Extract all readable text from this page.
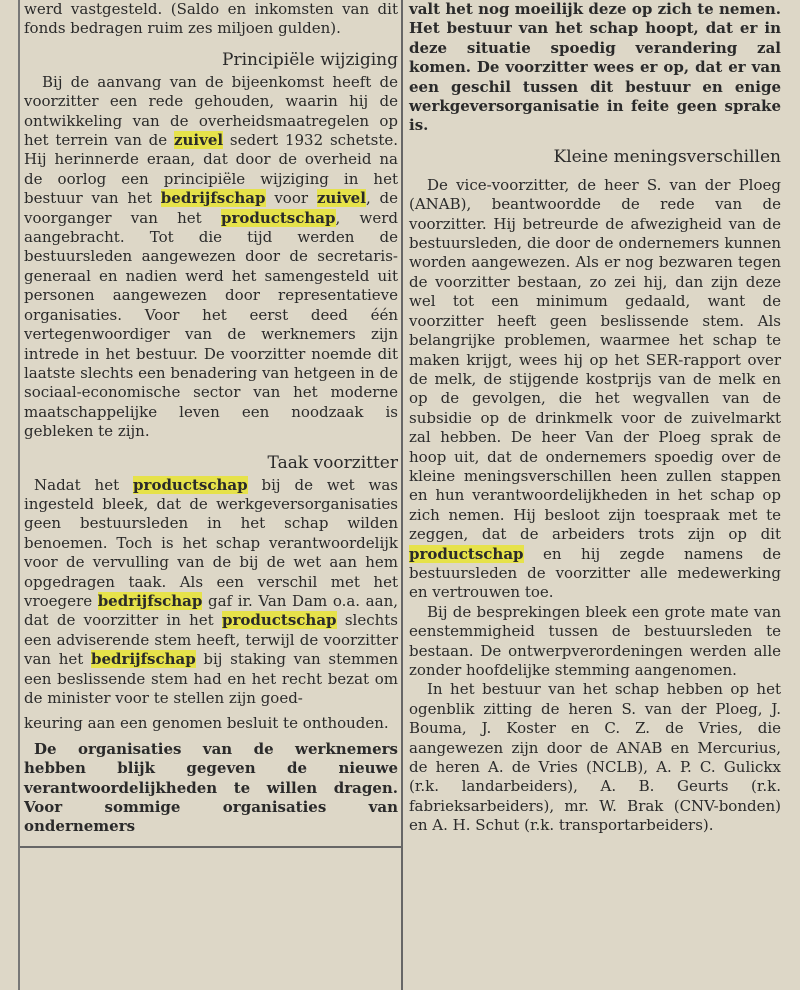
werd vastgesteld. (Saldo en inkomsten van dit fonds bedragen ruim zes miljoen gulden).

Principiële wijziging

Bij de aanvang van de bijeenkomst heeft de voorzitter een rede gehouden, waarin hij de ontwikkeling van de overheidsmaatregelen op het terrein van de zuivel sedert 1932 schetste. Hij herinnerde eraan, dat door de overheid na de oorlog een principiële wijziging in het bestuur van het bedrijfschap voor zuivel, de voorganger van het productschap, werd aangebracht. Tot die tijd werden de bestuursleden aangewezen door de secretaris-generaal en nadien werd het samengesteld uit personen aangewezen door representatieve organisaties. Voor het eerst deed één vertegenwoordiger van de werknemers zijn intrede in het bestuur. De voorzitter noemde dit laatste slechts een benadering van hetgeen in de sociaal-economische sector van het moderne maatschappelijke leven een noodzaak is gebleken te zijn.

Taak voorzitter

Nadat het productschap bij de wet was ingesteld bleek, dat de werkgeversorganisaties geen bestuursleden in het schap wilden benoemen. Toch is het schap verantwoordelijk voor de vervulling van de bij de wet aan hem opgedragen taak. Als een verschil met het vroegere bedrijfschap gaf ir. Van Dam o.a. aan, dat de voorzitter in het productschap slechts een adviserende stem heeft, terwijl de voorzitter van het bedrijfschap bij staking van stemmen een beslissende stem had en het recht bezat om de minister voor te stellen zijn goed-

keuring aan een genomen besluit te onthouden.

De organisaties van de werknemers hebben blijk gegeven de nieuwe verantwoordelijkheden te willen dragen. Voor sommige organisaties van ondernemers

valt het nog moeilijk deze op zich te nemen. Het bestuur van het schap hoopt, dat er in deze situatie spoedig verandering zal komen. De voorzitter wees er op, dat er van een geschil tussen dit bestuur en enige werkgeversorganisatie in feite geen sprake is.

Kleine meningsverschillen

De vice-voorzitter, de heer S. van der Ploeg (ANAB), beantwoordde de rede van de voorzitter. Hij betreurde de afwezigheid van de bestuursleden, die door de ondernemers kunnen worden aangewezen. Als er nog bezwaren tegen de voorzitter bestaan, zo zei hij, dan zijn deze wel tot een minimum gedaald, want de voorzitter heeft geen beslissende stem. Als belangrijke problemen, waarmee het schap te maken krijgt, wees hij op het SER-rapport over de melk, de stijgende kostprijs van de melk en op de gevolgen, die het wegvallen van de subsidie op de drinkmelk voor de zuivelmarkt zal hebben. De heer Van der Ploeg sprak de hoop uit, dat de ondernemers spoedig over de kleine meningsverschillen heen zullen stappen en hun verantwoordelijkheden in het schap op zich nemen. Hij besloot zijn toespraak met te zeggen, dat de arbeiders trots zijn op dit productschap en hij zegde namens de bestuursleden de voorzitter alle medewerking en vertrouwen toe.

Bij de besprekingen bleek een grote mate van eenstemmigheid tussen de bestuursleden te bestaan. De ontwerpverordeningen werden alle zonder hoofdelijke stemming aangenomen.

In het bestuur van het schap hebben op het ogenblik zitting de heren S. van der Ploeg, J. Bouma, J. Koster en C. Z. de Vries, die aangewezen zijn door de ANAB en Mercurius, de heren A. de Vries (NCLB), A. P. C. Gulickx (r.k. landarbeiders), A. B. Geurts (r.k. fabrieksarbeiders), mr. W. Brak (CNV-bonden) en A. H. Schut (r.k. transportarbeiders).
